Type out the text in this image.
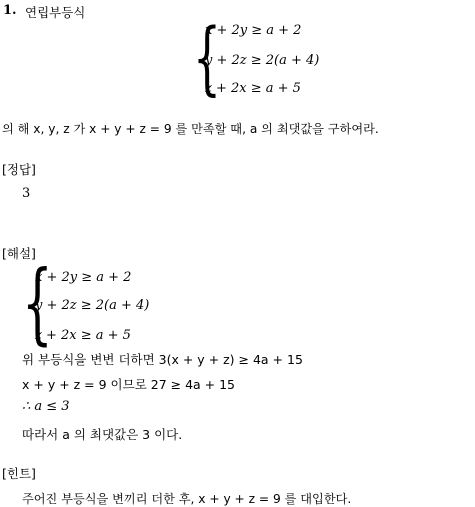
1. 연립부등식 {
x + 2y ≥ a + 2
y + 2z ≥ 2(a + 4)
z + 2x ≥ a + 5
의 해 x, y, z 가 x + y + z = 9 를 만족할 때, a 의 최댓값을 구하여라.
[정답]
3
[해설]
{
x + 2y ≥ a + 2
y + 2z ≥ 2(a + 4)
z + 2x ≥ a + 5
위 부등식을 변변 더하면 3(x + y + z) ≥ 4a + 15
x + y + z = 9 이므로 27 ≥ 4a + 15
∴ a ≤ 3
따라서 a 의 최댓값은 3 이다.
[힌트]
주어진 부등식을 변끼리 더한 후, x + y + z = 9 를 대입한다.
